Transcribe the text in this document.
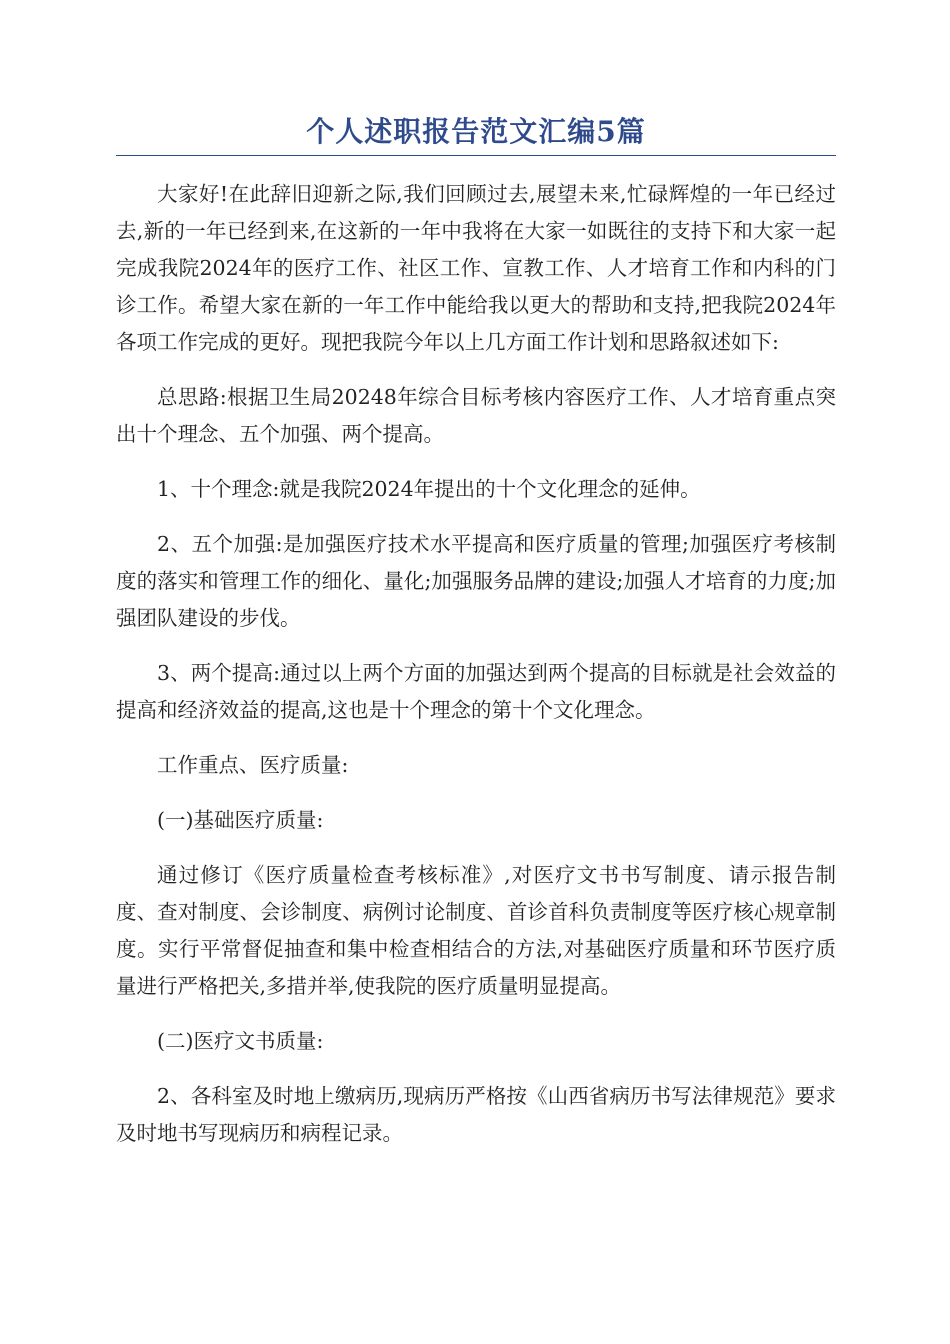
个人述职报告范文汇编5篇

大家好!在此辞旧迎新之际,我们回顾过去,展望未来,忙碌辉煌的一年已经过去,新的一年已经到来,在这新的一年中我将在大家一如既往的支持下和大家一起完成我院2024年的医疗工作、社区工作、宣教工作、人才培育工作和内科的门诊工作。希望大家在新的一年工作中能给我以更大的帮助和支持,把我院2024年各项工作完成的更好。现把我院今年以上几方面工作计划和思路叙述如下:

总思路:根据卫生局20248年综合目标考核内容医疗工作、人才培育重点突出十个理念、五个加强、两个提高。

1、十个理念:就是我院2024年提出的十个文化理念的延伸。

2、五个加强:是加强医疗技术水平提高和医疗质量的管理;加强医疗考核制度的落实和管理工作的细化、量化;加强服务品牌的建设;加强人才培育的力度;加强团队建设的步伐。

3、两个提高:通过以上两个方面的加强达到两个提高的目标就是社会效益的提高和经济效益的提高,这也是十个理念的第十个文化理念。

工作重点、医疗质量:

(一)基础医疗质量:

通过修订《医疗质量检查考核标准》,对医疗文书书写制度、请示报告制度、查对制度、会诊制度、病例讨论制度、首诊首科负责制度等医疗核心规章制度。实行平常督促抽查和集中检查相结合的方法,对基础医疗质量和环节医疗质量进行严格把关,多措并举,使我院的医疗质量明显提高。

(二)医疗文书质量:

2、各科室及时地上缴病历,现病历严格按《山西省病历书写法律规范》要求及时地书写现病历和病程记录。
